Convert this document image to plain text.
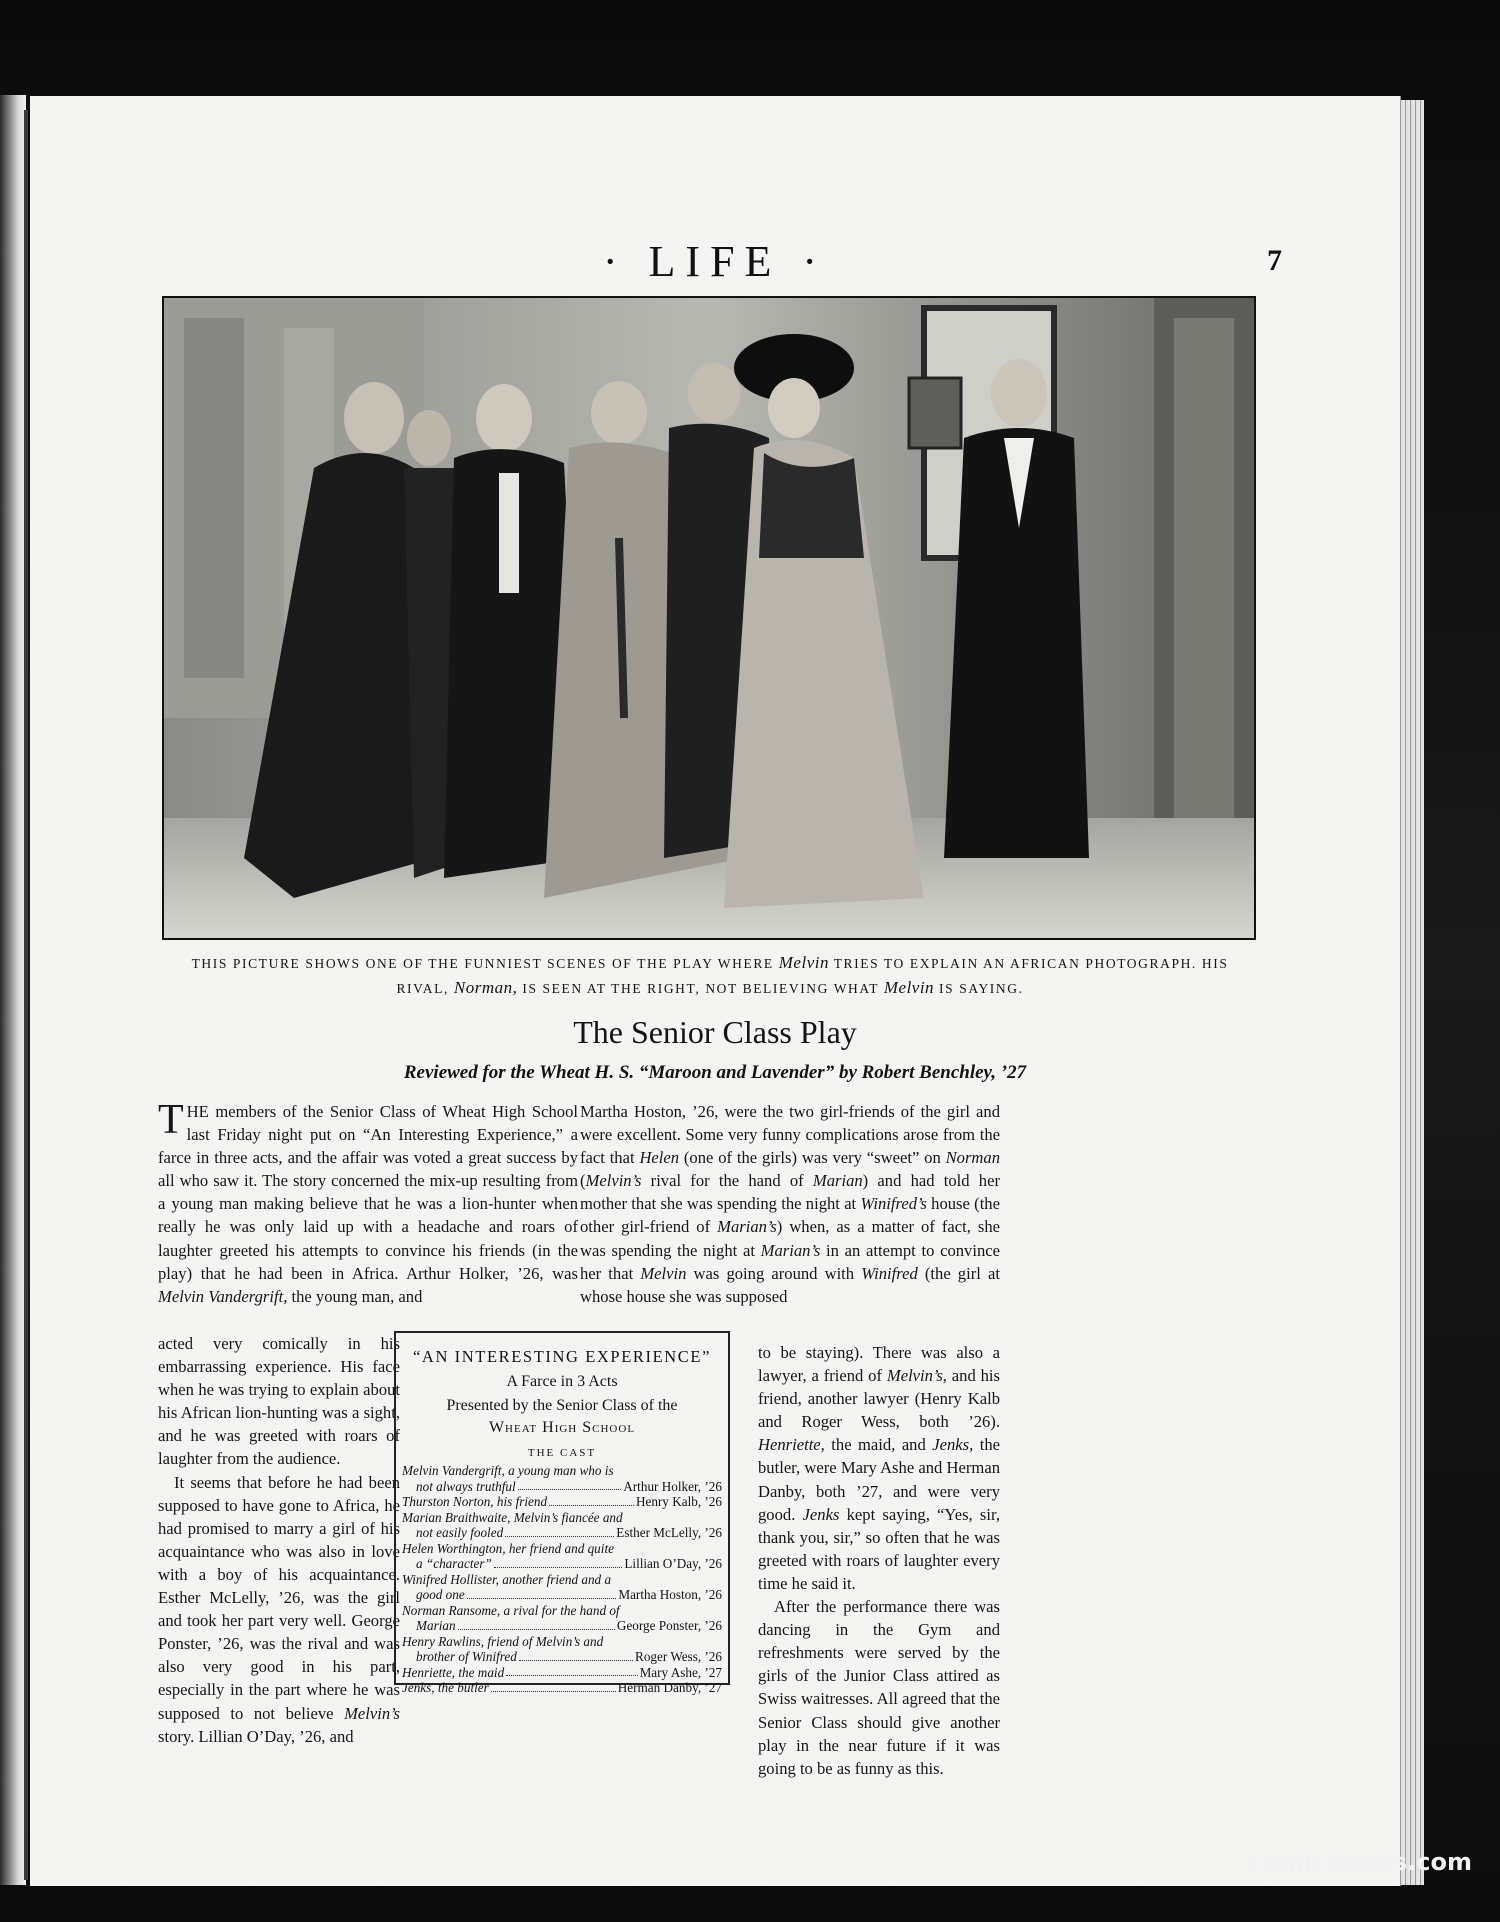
· LIFE ·	7
THIS PICTURE SHOWS ONE OF THE FUNNIEST SCENES OF THE PLAY WHERE Melvin TRIES TO EXPLAIN AN AFRICAN PHOTOGRAPH. HIS RIVAL, Norman, IS SEEN AT THE RIGHT, NOT BELIEVING WHAT Melvin IS SAYING.
The Senior Class Play
Reviewed for the Wheat H. S. “Maroon and Lavender” by Robert Benchley, ’27
T HE members of the Senior Class of Wheat High School last Friday night put on “An Interesting Experience,” a farce in three acts, and the affair was voted a great success by all who saw it. The story concerned the mix-up resulting from a young man making believe that he was a lion-hunter when really he was only laid up with a headache and roars of laughter greeted his attempts to convince his friends (in the play) that he had been in Africa. Arthur Holker, ’26, was Melvin Vandergrift, the young man, and
acted very comically in his embarrassing experience. His face when he was trying to explain about his African lion-hunting was a sight, and he was greeted with roars of laughter from the audience.
It seems that before he had been supposed to have gone to Africa, he had promised to marry a girl of his acquaintance who was also in love with a boy of his acquaintance. Esther McLelly, ’26, was the girl and took her part very well. George Ponster, ’26, was the rival and was also very good in his part, especially in the part where he was supposed to not believe Melvin’s story. Lillian O’Day, ’26, and
Martha Hoston, ’26, were the two girl-friends of the girl and were excellent. Some very funny complications arose from the fact that Helen (one of the girls) was very “sweet” on Norman (Melvin’s rival for the hand of Marian) and had told her mother that she was spending the night at Winifred’s house (the other girl-friend of Marian’s) when, as a matter of fact, she was spending the night at Marian’s in an attempt to convince her that Melvin was going around with Winifred (the girl at whose house she was supposed
“AN INTERESTING EXPERIENCE”
A Farce in 3 Acts
Presented by the Senior Class of the
Wheat High School
THE CAST
Melvin Vandergrift, a young man who is
not always truthful	Arthur Holker, ’26
Thurston Norton, his friend	Henry Kalb, ’26
Marian Braithwaite, Melvin’s fiancée and
not easily fooled	Esther McLelly, ’26
Helen Worthington, her friend and quite
a “character”	Lillian O’Day, ’26
Winifred Hollister, another friend and a
good one	Martha Hoston, ’26
Norman Ransome, a rival for the hand of
Marian	George Ponster, ’26
Henry Rawlins, friend of Melvin’s and
brother of Winifred	Roger Wess, ’26
Henriette, the maid	Mary Ashe, ’27
Jenks, the butler	Herman Danby, ’27
to be staying). There was also a lawyer, a friend of Melvin’s, and his friend, another lawyer (Henry Kalb and Roger Wess, both ’26). Henriette, the maid, and Jenks, the butler, were Mary Ashe and Herman Danby, both ’27, and were very good. Jenks kept saying, “Yes, sir, thank you, sir,” so often that he was greeted with roars of laughter every time he said it.
After the performance there was dancing in the Gym and refreshments were served by the girls of the Junior Class attired as Swiss waitresses. All agreed that the Senior Class should give another play in the near future if it was going to be as funny as this.
comicbooks.com
